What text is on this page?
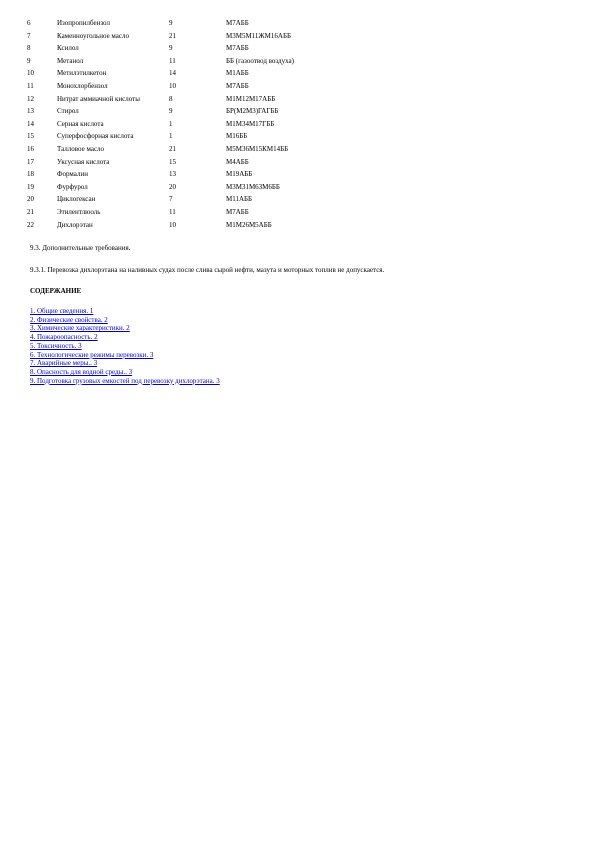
6	Изопропилбензол	9	М7АББ
7	Каменноугольное масло	21	М3М5М11ЖМ16АББ
8	Ксилол	9	М7АББ
9	Метанол	11	ББ (газоотвод воздуха)
10	Метилэтилкетон	14	М1АББ
11	Монохлорбензол	10	М7АББ
12	Нитрат аммиачной кислоты	8	М1М12М17АББ
13	Стирол	9	БР(М2М3)ГАГББ
14	Серная кислота	1	М1М34М17ГББ
15	Суперфосфорная кислота	1	М16ББ
16	Талловое масло	21	М5М36М15КМ14ББ
17	Уксусная кислота	15	М4АББ
18	Формалин	13	М19АББ
19	Фурфурол	20	М3М31М6ЗМ6ББ
20	Циклогексан	7	М11АББ
21	Этилентлюоль	11	М7АББ
22	Дихлорэтан	10	М1М26М5АББ
9.3. Дополнительные требования.
9.3.1. Перевозка дихлорэтана на наливных судах после слива сырой нефти, мазута и моторных топлив не допускается.
СОДЕРЖАНИЕ
1. Общие сведения. 1
2. Физические свойства. 2
3. Химические характеристики. 2
4. Пожароопасность. 2
5. Токсичность. 3
6. Технологические режимы перевозки. 3
7. Аварийные меры.. 3
8. Опасность для водной среды.. 3
9. Подготовка грузовых емкостей под перевозку дихлорэтана. 3
